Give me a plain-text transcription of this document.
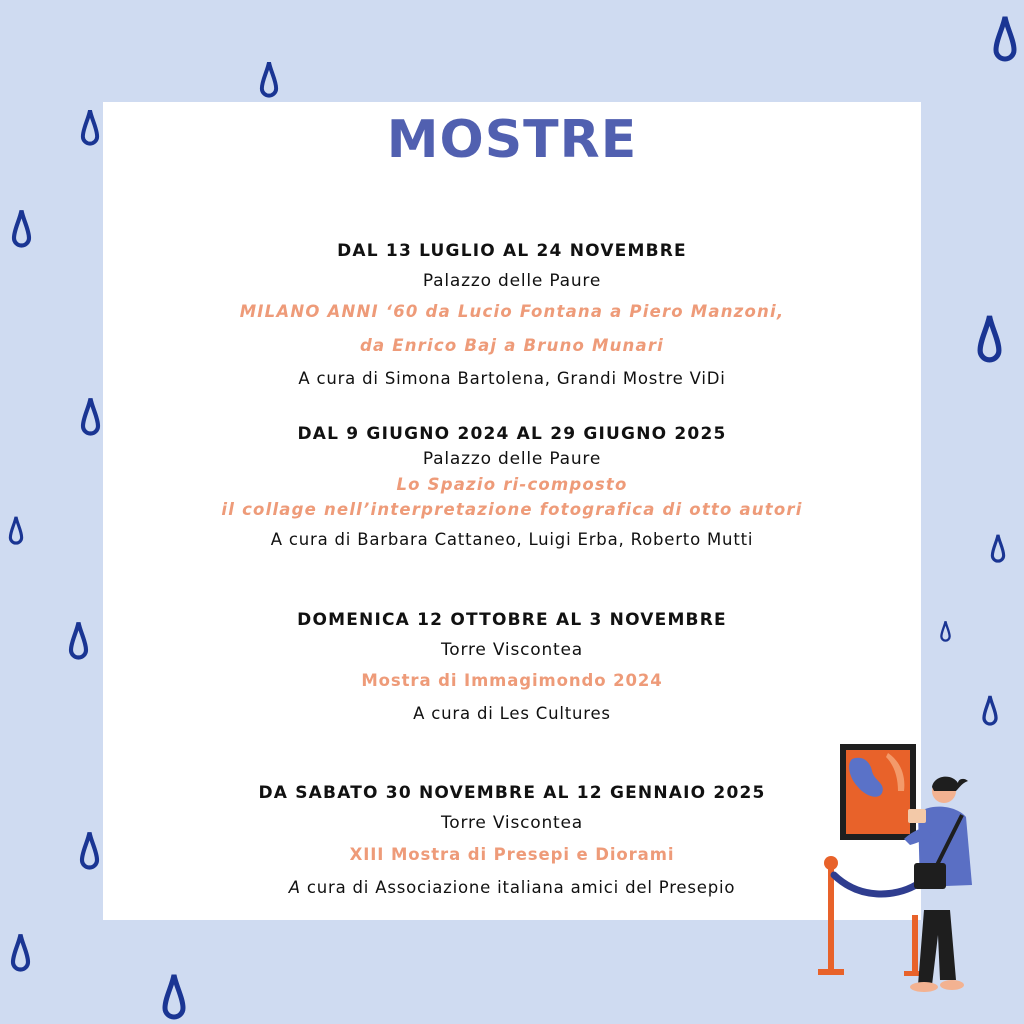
MOSTRE
DAL 13 LUGLIO AL 24 NOVEMBRE
Palazzo delle Paure
MILANO ANNI ‘60 da Lucio Fontana a Piero Manzoni,
da Enrico Baj a Bruno Munari
A cura di Simona Bartolena, Grandi Mostre ViDi
DAL 9 GIUGNO 2024 AL 29 GIUGNO 2025
Palazzo delle Paure
Lo Spazio ri-composto
il collage nell’interpretazione fotografica di otto autori
A cura di Barbara Cattaneo, Luigi Erba, Roberto Mutti
DOMENICA 12 OTTOBRE AL 3 NOVEMBRE
Torre Viscontea
Mostra di Immagimondo 2024
A cura di Les Cultures
DA SABATO 30 NOVEMBRE AL 12 GENNAIO 2025
Torre Viscontea
XIII Mostra di Presepi e Diorami
A cura di Associazione italiana amici del Presepio
